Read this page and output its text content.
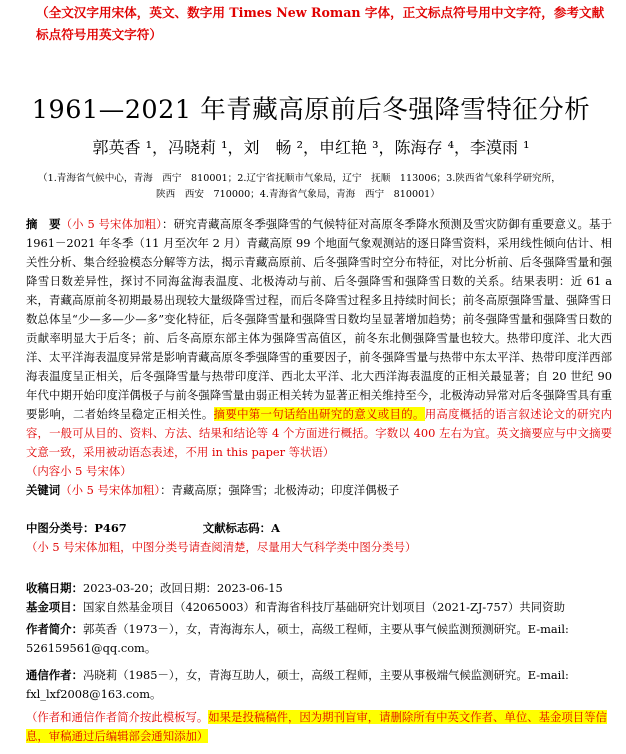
（全文汉字用宋体，英文、数字用 Times New Roman 字体，正文标点符号用中文字符，参考文献标点符号用英文字符）
1961—2021 年青藏高原前后冬强降雪特征分析
郭英香 ¹，冯晓莉 ¹，刘　畅 ²，申红艳 ³，陈海存 ⁴，李漠雨 ¹
（1.青海省气候中心，青海　西宁　810001；2.辽宁省抚顺市气象局，辽宁　抚顺　113006；3.陕西省气象科学研究所，
陕西　西安　710000；4.青海省气象局，青海　西宁　810001）
摘　要（小 5 号宋体加粗）：研究青藏高原冬季强降雪的气候特征对高原冬季降水预测及雪灾防御有重要意义。基于 1961－2021 年冬季（11 月至次年 2 月）青藏高原 99 个地面气象观测站的逐日降雪资料，采用线性倾向估计、相关性分析、集合经验模态分解等方法，揭示青藏高原前、后冬强降雪时空分布特征，对比分析前、后冬强降雪量和强降雪日数差异性，探讨不同海盆海表温度、北极涛动与前、后冬强降雪和强降雪日数的关系。结果表明：近 61 a 来，青藏高原前冬初期最易出现较大量级降雪过程，而后冬降雪过程多且持续时间长；前冬高原强降雪量、强降雪日数总体呈“少—多—少—多”变化特征，后冬强降雪量和强降雪日数均呈显著增加趋势；前冬强降雪量和强降雪日数的贡献率明显大于后冬；前、后冬高原东部主体为强降雪高值区，前冬东北侧强降雪量也较大。热带印度洋、北大西洋、太平洋海表温度异常是影响青藏高原冬季强降雪的重要因子，前冬强降雪量与热带中东太平洋、热带印度洋西部海表温度呈正相关，后冬强降雪量与热带印度洋、西北太平洋、北大西洋海表温度的正相关最显著；自 20 世纪 90 年代中期开始印度洋偶极子与前冬强降雪量由弱正相关转为显著正相关维持至今，北极涛动异常对后冬强降雪具有重要影响，二者始终呈稳定正相关性。摘要中第一句话给出研究的意义或目的。用高度概括的语言叙述论文的研究内容，一般可从目的、资料、方法、结果和结论等 4 个方面进行概括。字数以 400 左右为宜。英文摘要应与中文摘要文意一致，采用被动语态表述，不用 in this paper 等状语）
（内容小 5 号宋体）
关键词（小 5 号宋体加粗）：青藏高原；强降雪；北极涛动；印度洋偶极子
中图分类号：P467	文献标志码：A
（小 5 号宋体加粗，中图分类号请查阅清楚，尽量用大气科学类中图分类号）
收稿日期：2023-03-20；改回日期：2023-06-15
基金项目：国家自然基金项目（42065003）和青海省科技厅基础研究计划项目（2021-ZJ-757）共同资助
作者简介：郭英香（1973－），女，青海海东人，硕士，高级工程师，主要从事气候监测预测研究。E-mail: 526159561@qq.com。
通信作者：冯晓莉（1985－），女，青海互助人，硕士，高级工程师，主要从事极端气候监测研究。E-mail: fxl_lxf2008@163.com。
（作者和通信作者简介按此模板写。如果是投稿稿件，因为期刊盲审，请删除所有中英文作者、单位、基金项目等信息，审稿通过后编辑部会通知添加）
